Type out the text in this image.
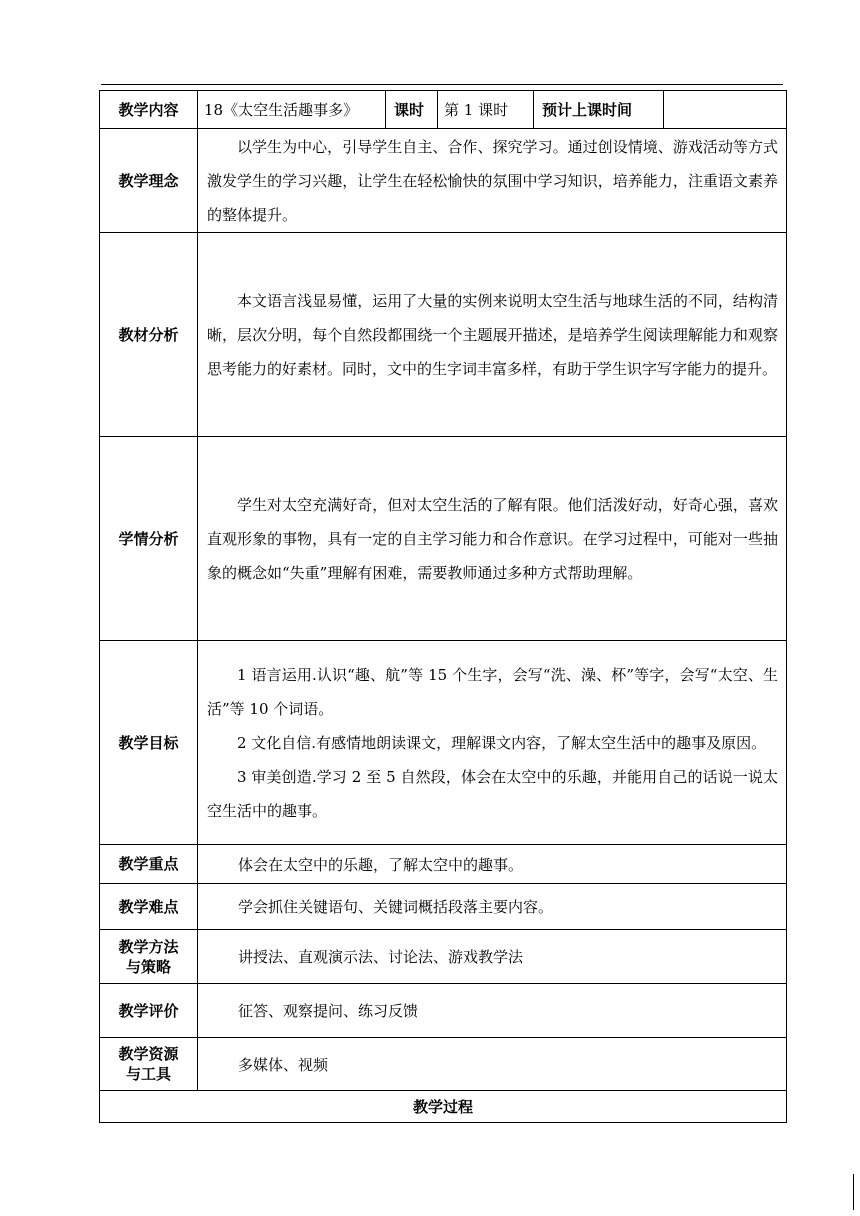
教学内容	18《太空生活趣事多》	课时	第 1 课时	预计上课时间	
教学理念	以学生为中心，引导学生自主、合作、探究学习。通过创设情境、游戏活动等方式激发学生的学习兴趣，让学生在轻松愉快的氛围中学习知识，培养能力，注重语文素养的整体提升。				

教材分析	本文语言浅显易懂，运用了大量的实例来说明太空生活与地球生活的不同，结构清晰，层次分明，每个自然段都围绕一个主题展开描述，是培养学生阅读理解能力和观察思考能力的好素材。同时，文中的生字词丰富多样，有助于学生识字写字能力的提升。				

学情分析	学生对太空充满好奇，但对太空生活的了解有限。他们活泼好动，好奇心强，喜欢直观形象的事物，具有一定的自主学习能力和合作意识。在学习过程中，可能对一些抽象的概念如“失重”理解有困难，需要教师通过多种方式帮助理解。				

教学目标	1 语言运用.认识“趣、航”等 15 个生字，会写“洗、澡、杯”等字，会写“太空、生活”等 10 个词语。

2 文化自信.有感情地朗读课文，理解课文内容，了解太空生活中的趣事及原因。

3 审美创造.学习 2 至 5 自然段，体会在太空中的乐趣，并能用自己的话说一说太空生活中的趣事。				

教学重点	体会在太空中的乐趣，了解太空中的趣事。				
教学难点	学会抓住关键语句、关键词概括段落主要内容。				
教学方法
与策略	讲授法、直观演示法、讨论法、游戏教学法				
教学评价	征答、观察提问、练习反馈				
教学资源
与工具	多媒体、视频				
教学过程					
